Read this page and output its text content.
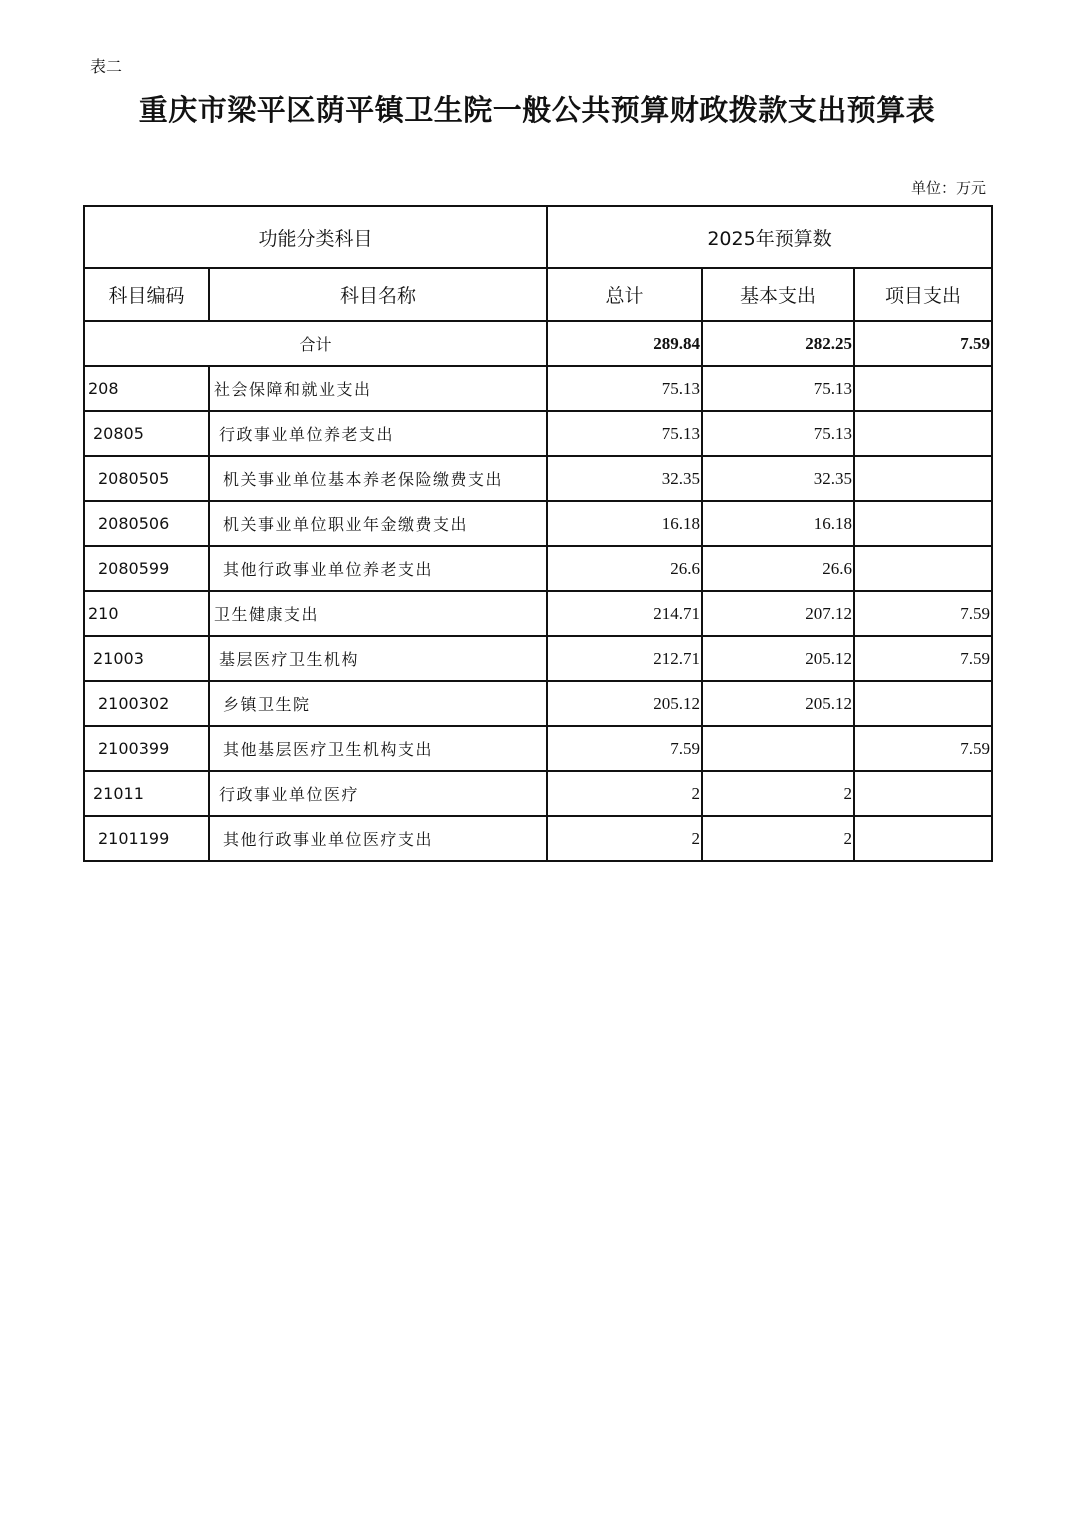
表二
重庆市梁平区荫平镇卫生院一般公共预算财政拨款支出预算表
单位：万元
功能分类科目		2025年预算数		
科目编码	科目名称	总计	基本支出	项目支出
合计		289.84	282.25	7.59
208	社会保障和就业支出	75.13	75.13	
20805	行政事业单位养老支出	75.13	75.13	
2080505	机关事业单位基本养老保险缴费支出	32.35	32.35	
2080506	机关事业单位职业年金缴费支出	16.18	16.18	
2080599	其他行政事业单位养老支出	26.6	26.6	
210	卫生健康支出	214.71	207.12	7.59
21003	基层医疗卫生机构	212.71	205.12	7.59
2100302	乡镇卫生院	205.12	205.12	
2100399	其他基层医疗卫生机构支出	7.59		7.59
21011	行政事业单位医疗	2	2	
2101199	其他行政事业单位医疗支出	2	2	
